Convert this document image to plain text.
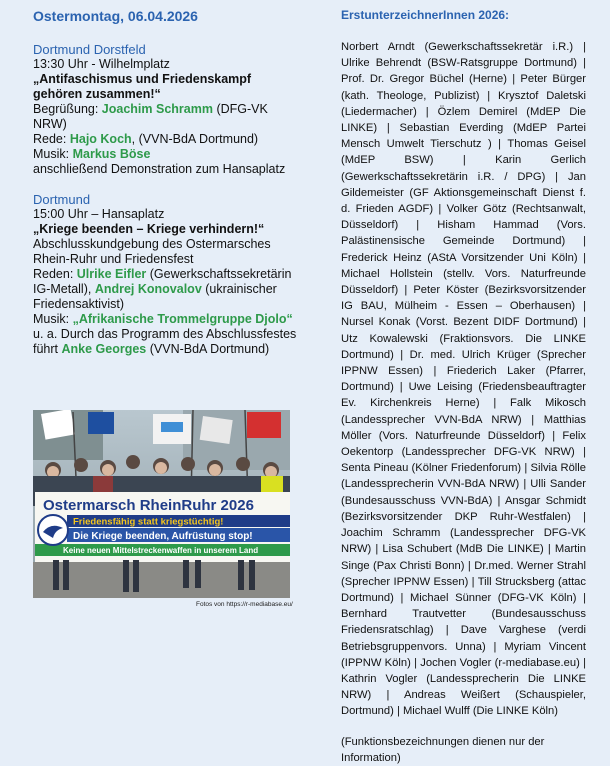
Ostermontag, 06.04.2026
Dortmund Dorstfeld
13:30 Uhr - Wilhelmplatz
„Antifaschismus und Friedenskampf gehören zusammen!“
Begrüßung: Joachim Schramm (DFG-VK NRW)
Rede: Hajo Koch, (VVN-BdA Dortmund)
Musik: Markus Böse
anschließend Demonstration zum Hansaplatz
Dortmund
15:00 Uhr – Hansaplatz
„Kriege beenden – Kriege verhindern!“
Abschlusskundgebung des Ostermarsches Rhein-Ruhr und Friedensfest
Reden: Ulrike Eifler (Gewerkschaftssekretärin IG-Metall), Andrej Konovalov (ukrainischer Friedensaktivist)
Musik: „Afrikanische Trommelgruppe Djolo“ u. a. Durch das Programm des Abschlussfestes führt Anke Georges (VVN-BdA Dortmund)
Ostermarsch RheinRuhr 2026
Friedensfähig statt kriegstüchtig!
Die Kriege beenden, Aufrüstung stop!
Keine neuen Mittelstreckenwaffen in unserem Land
Fotos von https://r-mediabase.eu/
ErstunterzeichnerInnen 2026:
Norbert Arndt (Gewerkschaftssekretär i.R.) | Ulrike Behrendt (BSW-Ratsgruppe Dortmund) | Prof. Dr. Gregor Büchel (Herne) | Peter Bürger (kath. Theologe, Publizist) | Krysztof Daletski (Liedermacher) | Özlem Demirel (MdEP Die LINKE) | Sebastian Everding (MdEP Partei Mensch Umwelt Tierschutz ) | Thomas Geisel (MdEP BSW) | Karin Gerlich (Gewerkschaftssekretärin i.R. / DPG) | Jan Gildemeister (GF Aktionsgemeinschaft Dienst f. d. Frieden AGDF) | Volker Götz (Rechtsanwalt, Düsseldorf) | Hisham Hammad (Vors. Palästinensische Gemeinde Dortmund) | Frederick Heinz (AStA Vorsitzender Uni Köln) | Michael Hollstein (stellv. Vors. Naturfreunde Düsseldorf) | Peter Köster (Bezirksvorsitzender IG BAU, Mülheim - Essen – Oberhausen) | Nursel Konak (Vorst. Bezent DIDF Dortmund) | Utz Kowalewski (Fraktionsvors. Die LINKE Dortmund) | Dr. med. Ulrich Krüger (Sprecher IPPNW Essen) | Friederich Laker (Pfarrer, Dortmund) | Uwe Leising (Friedensbeauftragter Ev. Kirchenkreis Herne) | Falk Mikosch (Landessprecher VVN-BdA NRW) | Matthias Möller (Vors. Naturfreunde Düsseldorf) | Felix Oekentorp (Landessprecher DFG-VK NRW) | Senta Pineau (Kölner Friedenforum) | Silvia Rölle (Landessprecherin VVN-BdA NRW) | Ulli Sander (Bundesausschuss VVN-BdA) | Ansgar Schmidt (Bezirksvorsitzender DKP Ruhr-Westfalen) | Joachim Schramm (Landessprecher DFG-VK NRW) | Lisa Schubert (MdB Die LINKE) | Martin Singe (Pax Christi Bonn) | Dr.med. Werner Strahl (Sprecher IPPNW Essen) | Till Strucksberg (attac Dortmund) | Michael Sünner (DFG-VK Köln) | Bernhard Trautvetter (Bundesausschuss Friedensratschlag) | Dave Varghese (verdi Betriebsgruppenvors. Unna) | Myriam Vincent (IPPNW Köln) | Jochen Vogler (r-mediabase.eu) | Kathrin Vogler (Landessprecherin Die LINKE NRW) | Andreas Weißert (Schauspieler, Dortmund) | Michael Wulff (Die LINKE Köln)
(Funktionsbezeichnungen dienen nur der Information)
